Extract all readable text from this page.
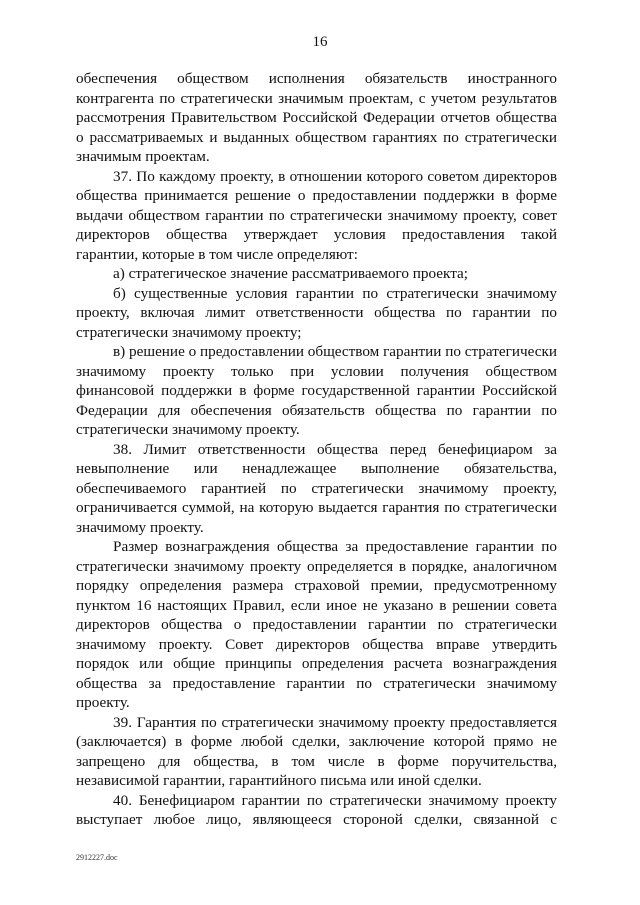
16

обеспечения обществом исполнения обязательств иностранного контрагента по стратегически значимым проектам, с учетом результатов рассмотрения Правительством Российской Федерации отчетов общества о рассматриваемых и выданных обществом гарантиях по стратегически значимым проектам.

37. По каждому проекту, в отношении которого советом директоров общества принимается решение о предоставлении поддержки в форме выдачи обществом гарантии по стратегически значимому проекту, совет директоров общества утверждает условия предоставления такой гарантии, которые в том числе определяют:

а) стратегическое значение рассматриваемого проекта;

б) существенные условия гарантии по стратегически значимому проекту, включая лимит ответственности общества по гарантии по стратегически значимому проекту;

в) решение о предоставлении обществом гарантии по стратегически значимому проекту только при условии получения обществом финансовой поддержки в форме государственной гарантии Российской Федерации для обеспечения обязательств общества по гарантии по стратегически значимому проекту.

38. Лимит ответственности общества перед бенефициаром за невыполнение или ненадлежащее выполнение обязательства, обеспечиваемого гарантией по стратегически значимому проекту, ограничивается суммой, на которую выдается гарантия по стратегически значимому проекту.

Размер вознаграждения общества за предоставление гарантии по стратегически значимому проекту определяется в порядке, аналогичном порядку определения размера страховой премии, предусмотренному пунктом 16 настоящих Правил, если иное не указано в решении совета директоров общества о предоставлении гарантии по стратегически значимому проекту. Совет директоров общества вправе утвердить порядок или общие принципы определения расчета вознаграждения общества за предоставление гарантии по стратегически значимому проекту.

39. Гарантия по стратегически значимому проекту предоставляется (заключается) в форме любой сделки, заключение которой прямо не запрещено для общества, в том числе в форме поручительства, независимой гарантии, гарантийного письма или иной сделки.

40. Бенефициаром гарантии по стратегически значимому проекту выступает любое лицо, являющееся стороной сделки, связанной с

2912227.doc
